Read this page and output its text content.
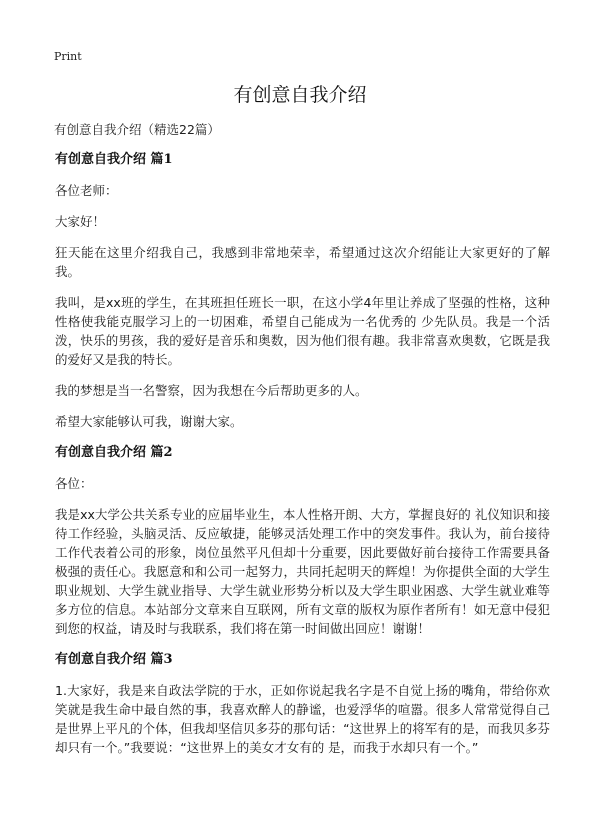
Print
有创意自我介绍

有创意自我介绍（精选22篇）

有创意自我介绍 篇1

各位老师：

大家好！

狂天能在这里介绍我自己，我感到非常地荣幸，希望通过这次介绍能让大家更好的了解我。

我叫，是xx班的学生，在其班担任班长一职，在这小学4年里让养成了坚强的性格，这种性格使我能克服学习上的一切困难，希望自己能成为一名优秀的 少先队员。我是一个活泼，快乐的男孩，我的爱好是音乐和奥数，因为他们很有趣。我非常喜欢奥数，它既是我的爱好又是我的特长。

我的梦想是当一名警察，因为我想在今后帮助更多的人。

希望大家能够认可我，谢谢大家。

有创意自我介绍 篇2

各位：

我是xx大学公共关系专业的应届毕业生，本人性格开朗、大方，掌握良好的 礼仪知识和接待工作经验，头脑灵活、反应敏捷，能够灵活处理工作中的突发事件。我认为，前台接待工作代表着公司的形象，岗位虽然平凡但却十分重要，因此要做好前台接待工作需要具备极强的责任心。我愿意和和公司一起努力，共同托起明天的辉煌！为你提供全面的大学生职业规划、大学生就业指导、大学生就业形势分析以及大学生职业困惑、大学生就业难等多方位的信息。本站部分文章来自互联网，所有文章的版权为原作者所有！如无意中侵犯到您的权益，请及时与我联系，我们将在第一时间做出回应！谢谢！

有创意自我介绍 篇3

1.大家好，我是来自政法学院的于水，正如你说起我名字是不自觉上扬的嘴角，带给你欢笑就是我生命中最自然的事，我喜欢醉人的静谧，也爱浮华的喧嚣。很多人常常觉得自己是世界上平凡的个体，但我却坚信贝多芬的那句话：“这世界上的将军有的是，而我贝多芬却只有一个。”我要说：“这世界上的美女才女有的 是，而我于水却只有一个。”
